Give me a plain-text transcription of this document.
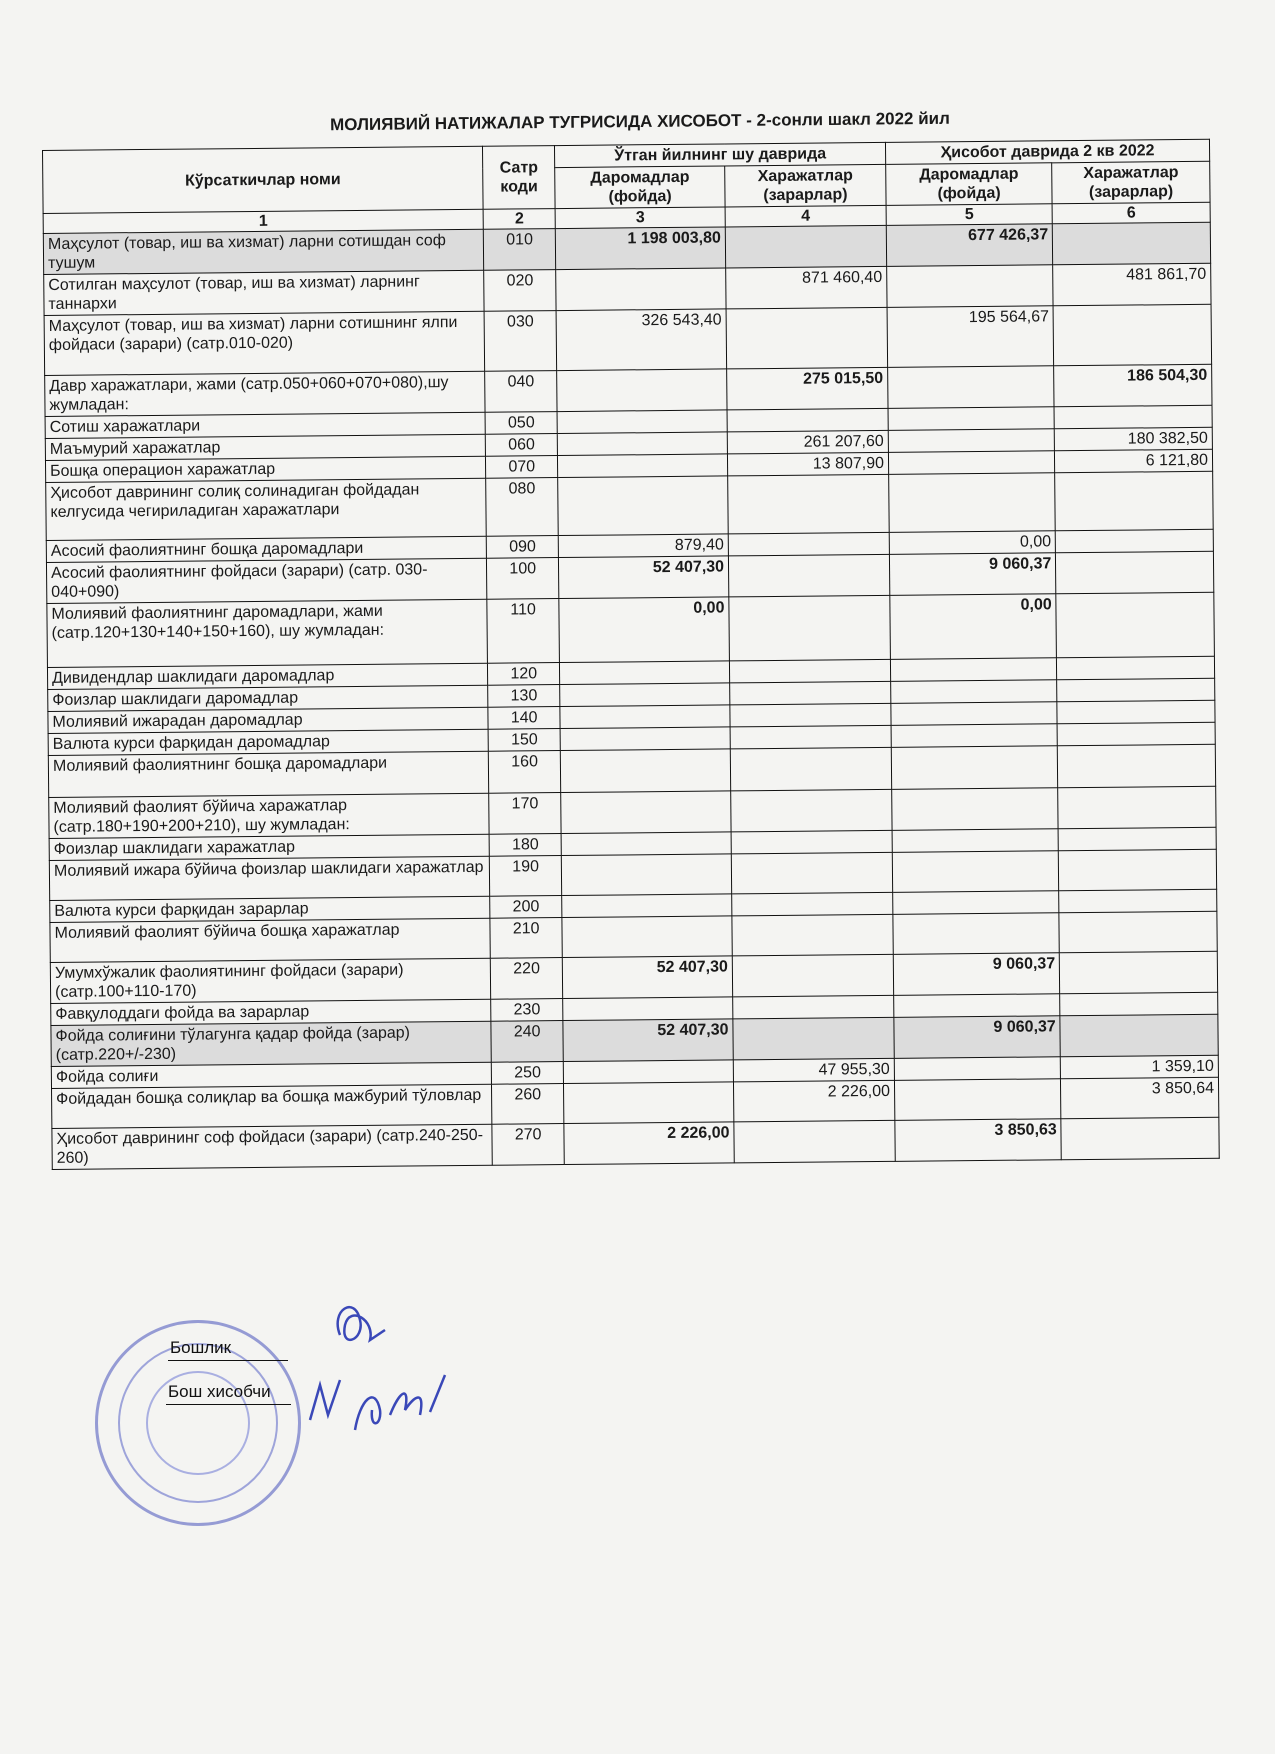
МОЛИЯВИЙ НАТИЖАЛАР ТУГРИСИДА ХИСОБОТ - 2-сонли шакл 2022 йил
Кўрсаткичлар номи	Сатр коди	Ўтган йилнинг шу даврида		Ҳисобот даврида 2 кв 2022	
		Даромадлар (фойда)	Харажатлар (зарарлар)	Даромадлар (фойда)	Харажатлар (зарарлар)
1	2	3	4	5	6
Маҳсулот (товар, иш ва хизмат) ларни сотишдан соф тушум	010	1 198 003,80		677 426,37	
Сотилган маҳсулот (товар, иш ва хизмат) ларнинг таннархи	020		871 460,40		481 861,70
Маҳсулот (товар, иш ва хизмат) ларни сотишнинг ялпи фойдаси (зарари) (сатр.010-020)	030	326 543,40		195 564,67	
Давр харажатлари, жами (сатр.050+060+070+080),шу жумладан:	040		275 015,50		186 504,30
Сотиш харажатлари	050				
Маъмурий харажатлар	060		261 207,60		180 382,50
Бошқа операцион харажатлар	070		13 807,90		6 121,80
Ҳисобот даврининг солиқ солинадиган фойдадан келгусида чегириладиган харажатлари	080				
Асосий фаолиятнинг бошқа даромадлари	090	879,40		0,00	
Асосий фаолиятнинг фойдаси (зарари) (сатр. 030-040+090)	100	52 407,30		9 060,37	
Молиявий фаолиятнинг даромадлари, жами (сатр.120+130+140+150+160), шу жумладан:	110	0,00		0,00	
Дивидендлар шаклидаги даромадлар	120				
Фоизлар шаклидаги даромадлар	130				
Молиявий ижарадан даромадлар	140				
Валюта курси фарқидан даромадлар	150				
Молиявий фаолиятнинг бошқа даромадлари	160				
Молиявий фаолият бўйича харажатлар (сатр.180+190+200+210), шу жумладан:	170				
Фоизлар шаклидаги харажатлар	180				
Молиявий ижара бўйича фоизлар шаклидаги харажатлар	190				
Валюта курси фарқидан зарарлар	200				
Молиявий фаолият бўйича бошқа харажатлар	210				
Умумхўжалик фаолиятининг фойдаси (зарари) (сатр.100+110-170)	220	52 407,30		9 060,37	
Фавқулоддаги фойда ва зарарлар	230				
Фойда солиғини тўлагунга қадар фойда (зарар) (сатр.220+/-230)	240	52 407,30		9 060,37	
Фойда солиғи	250		47 955,30		1 359,10
Фойдадан бошқа солиқлар ва бошқа мажбурий тўловлар	260		2 226,00		3 850,64
Ҳисобот даврининг соф фойдаси (зарари) (сатр.240-250-260)	270	2 226,00		3 850,63	
Бошлик
Бош хисобчи
